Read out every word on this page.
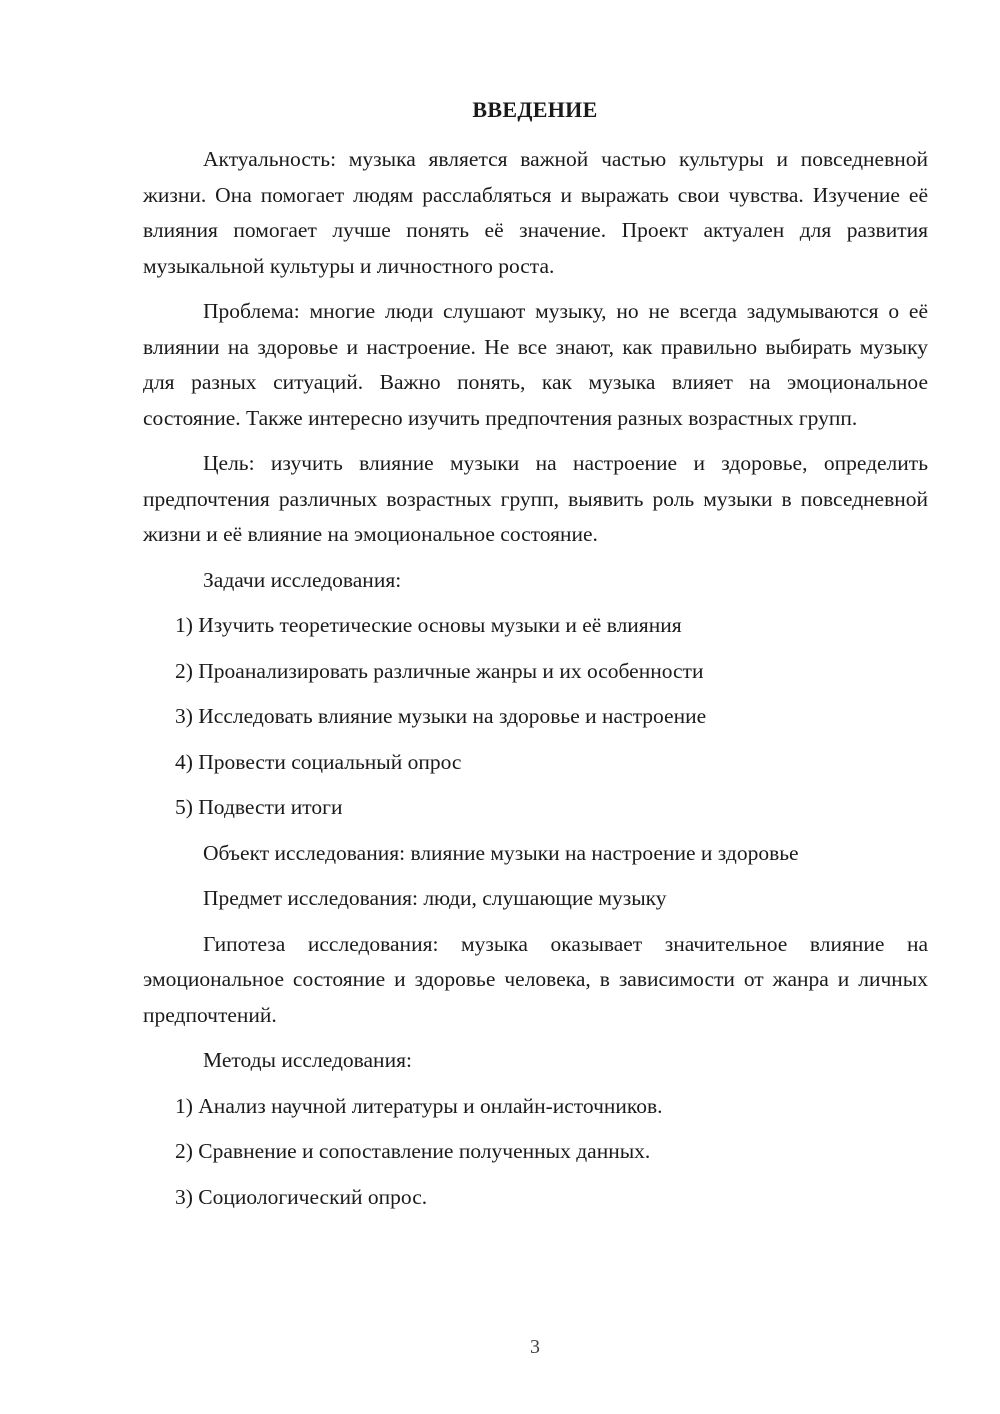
ВВЕДЕНИЕ

Актуальность: музыка является важной частью культуры и повседневной жизни. Она помогает людям расслабляться и выражать свои чувства. Изучение её влияния помогает лучше понять её значение. Проект актуален для развития музыкальной культуры и личностного роста.

Проблема: многие люди слушают музыку, но не всегда задумываются о её влиянии на здоровье и настроение. Не все знают, как правильно выбирать музыку для разных ситуаций. Важно понять, как музыка влияет на эмоциональное состояние. Также интересно изучить предпочтения разных возрастных групп.

Цель: изучить влияние музыки на настроение и здоровье, определить предпочтения различных возрастных групп, выявить роль музыки в повседневной жизни и её влияние на эмоциональное состояние.

Задачи исследования:

1) Изучить теоретические основы музыки и её влияния
2) Проанализировать различные жанры и их особенности
3) Исследовать влияние музыки на здоровье и настроение
4) Провести социальный опрос
5) Подвести итоги

Объект исследования: влияние музыки на настроение и здоровье

Предмет исследования: люди, слушающие музыку

Гипотеза исследования: музыка оказывает значительное влияние на эмоциональное состояние и здоровье человека, в зависимости от жанра и личных предпочтений.

Методы исследования:

1) Анализ научной литературы и онлайн-источников.
2) Сравнение и сопоставление полученных данных.
3) Социологический опрос.
3
